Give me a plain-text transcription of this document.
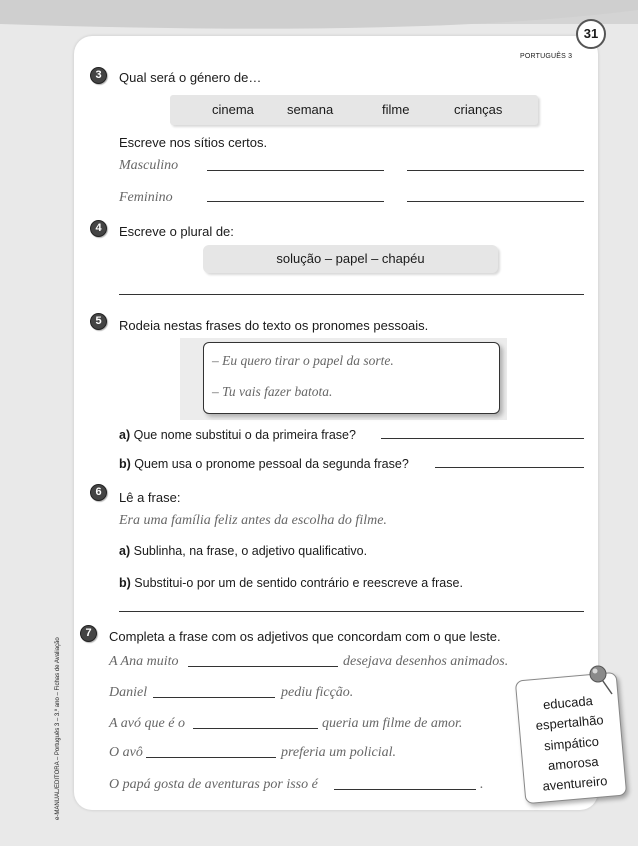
31
PORTUGUÊS 3
e-MANUAL/EDITORA – Português 3 – 3.º ano – Fichas de Avaliação
3	Qual será o género de…
cinema	semana	filme	crianças
Escreve nos sítios certos.
Masculino
Feminino
4	Escreve o plural de:
solução – papel – chapéu
5	Rodeia nestas frases do texto os pronomes pessoais.
– Eu quero tirar o papel da sorte.
– Tu vais fazer batota.
a) Que nome substitui o da primeira frase?
b) Quem usa o pronome pessoal da segunda frase?
6	Lê a frase:
Era uma família feliz antes da escolha do filme.
a) Sublinha, na frase, o adjetivo qualificativo.
b) Substitui-o por um de sentido contrário e reescreve a frase.
7	Completa a frase com os adjetivos que concordam com o que leste.
A Ana muito	desejava desenhos animados.
Daniel	pediu ficção.
A avó que é o	queria um filme de amor.
O avô	preferia um policial.
O papá gosta de aventuras por isso é	.
educada
espertalhão
simpático
amorosa
aventureiro
